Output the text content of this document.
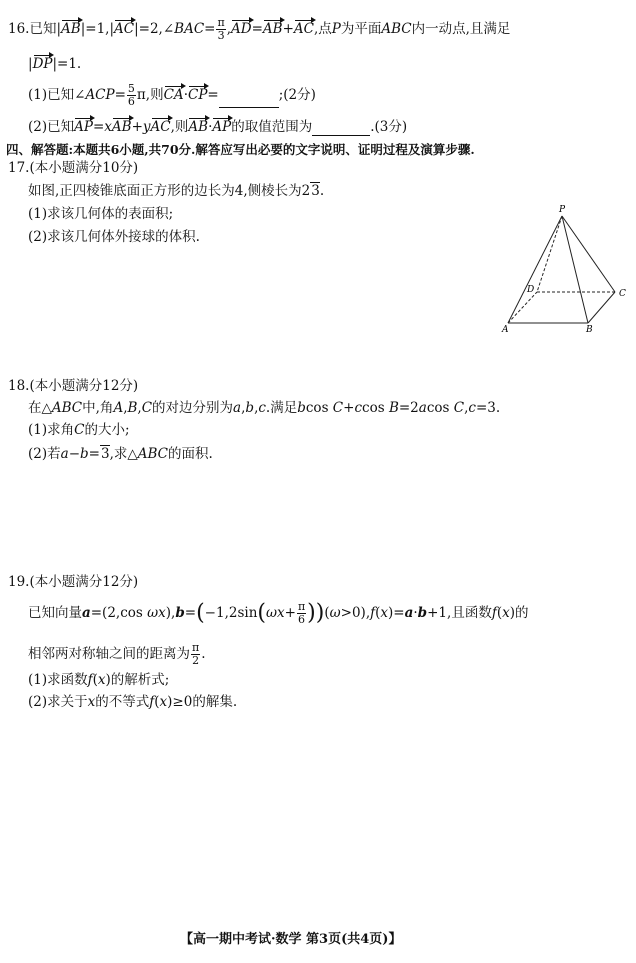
16.已知|AB|=1,|AC|=2,∠BAC= $\frac{\pi}{3} ,AD=AB+AC$,点P为平面ABC内一动点,且满足
|DP|=1.
(1)已知∠ACP= $\frac{5}{6} \pi$,则CA·CP=	;(2分)
(2)已知AP=xAB+yAC,则AB·AP的取值范围为	.(3分)
四、解答题:本题共6小题,共70分.解答应写出必要的文字说明、证明过程及演算步骤.
17.(本小题满分10分)
如图,正四棱锥底面正方形的边长为4,侧棱长为23.
(1)求该几何体的表面积;
(2)求该几何体外接球的体积.
P
D	C
A	B
18.(本小题满分12分)
在△ABC中,角A,B,C的对边分别为a,b,c.满足bcos C+ccos B=2acos C,c=3.
(1)求角C的大小;
(2)若a−b=3,求△ABC的面积.
19.(本小题满分12分)
已知向量a=(2,cos $\omega x),b=(-1,2\sin(\omega x+ \frac{\pi}{6} ))(\omega>0),f(x)=a\cdot b+1$,且函数f(x)的
相邻两对称轴之间的距离为 $\frac{\pi}{2}$ .
(1)求函数f(x)的解析式;
(2)求关于x的不等式f(x)≥0的解集.
【高一期中考试·数学 第3页(共4页)】
